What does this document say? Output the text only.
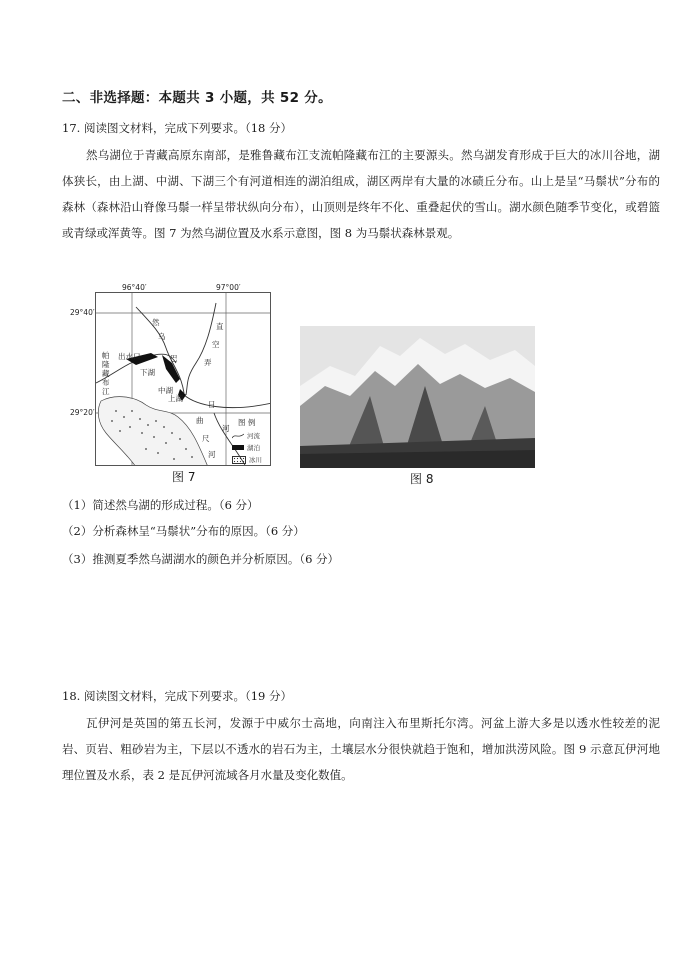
二、非选择题：本题共 3 小题，共 52 分。
17. 阅读图文材料，完成下列要求。（18 分）
然乌湖位于青藏高原东南部，是雅鲁藏布江支流帕隆藏布江的主要源头。然乌湖发育形成于巨大的冰川谷地，湖体狭长，由上湖、中湖、下湖三个有河道相连的湖泊组成，湖区两岸有大量的冰碛丘分布。山上是呈“马鬃状”分布的森林（森林沿山脊像马鬃一样呈带状纵向分布），山顶则是终年不化、重叠起伏的雪山。湖水颜色随季节变化，或碧篮或青绿或浑黄等。图 7 为然乌湖位置及水系示意图，图 8 为马鬃状森林景观。
96°40′	97°00′
29°40′
29°20′
帕隆藏布江
出水口
下湖
中湖
上湖
然
乌
巴
直
空
弄
日
河
曲
尺
河
图 例
河流
湖泊
冰川
图 7	图 8
（1）简述然乌湖的形成过程。（6 分）
（2）分析森林呈“马鬃状”分布的原因。（6 分）
（3）推测夏季然乌湖湖水的颜色并分析原因。（6 分）
18. 阅读图文材料，完成下列要求。（19 分）
瓦伊河是英国的第五长河，发源于中威尔士高地，向南注入布里斯托尔湾。河盆上游大多是以透水性较差的泥岩、页岩、粗砂岩为主，下层以不透水的岩石为主，土壤层水分很快就趋于饱和，增加洪涝风险。图 9 示意瓦伊河地理位置及水系，表 2 是瓦伊河流域各月水量及变化数值。
